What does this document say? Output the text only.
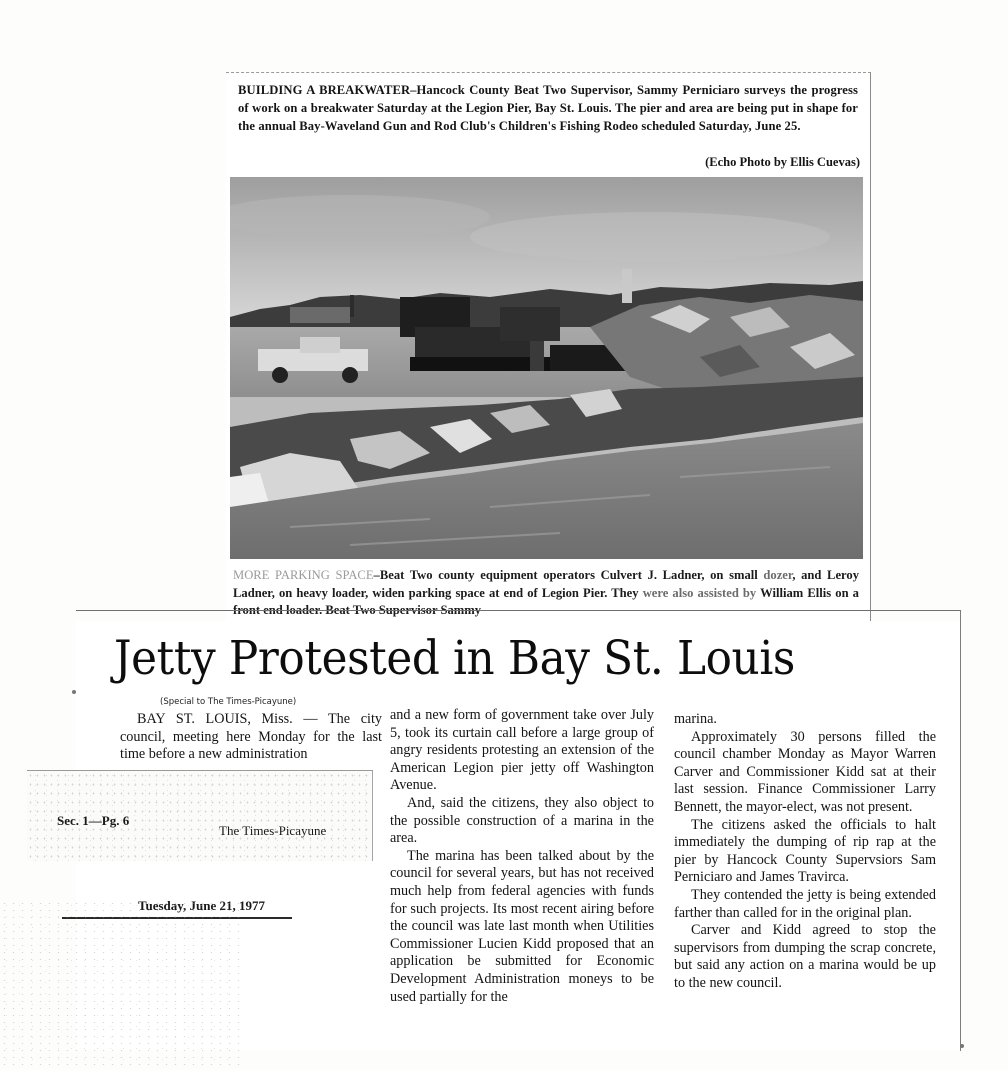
BUILDING A BREAKWATER–Hancock County Beat Two Supervisor, Sammy Perniciaro surveys the progress of work on a breakwater Saturday at the Legion Pier, Bay St. Louis. The pier and area are being put in shape for the annual Bay-Waveland Gun and Rod Club's Children's Fishing Rodeo scheduled Saturday, June 25.
(Echo Photo by Ellis Cuevas)
MORE PARKING SPACE–Beat Two county equipment operators Culvert J. Ladner, on small dozer, and Leroy Ladner, on heavy loader, widen parking space at end of Legion Pier. They were also assisted by William Ellis on a front end loader. Beat Two Supervisor Sammy
Jetty Protested in Bay St. Louis
(Special to The Times-Picayune)

BAY ST. LOUIS, Miss. — The city council, meeting here Monday for the last time before a new administration

and a new form of government take over July 5, took its curtain call before a large group of angry residents protesting an extension of the American Legion pier jetty off Washington Avenue.

And, said the citizens, they also object to the possible construction of a marina in the area.

The marina has been talked about by the council for several years, but has not received much help from federal agencies with funds for such projects. Its most recent airing before the council was late last month when Utilities Commissioner Lucien Kidd proposed that an application be submitted for Economic Development Administration moneys to be used partially for the

marina.

Approximately 30 persons filled the council chamber Monday as Mayor Warren Carver and Commissioner Kidd sat at their last session. Finance Commissioner Larry Bennett, the mayor-elect, was not present.

The citizens asked the officials to halt immediately the dumping of rip rap at the pier by Hancock County Supervsiors Sam Perniciaro and James Travirca.

They contended the jetty is being extended farther than called for in the original plan.

Carver and Kidd agreed to stop the supervisors from dumping the scrap concrete, but said any action on a marina would be up to the new council.

Sec. 1—Pg. 6
The Times-Picayune
Tuesday, June 21, 1977
